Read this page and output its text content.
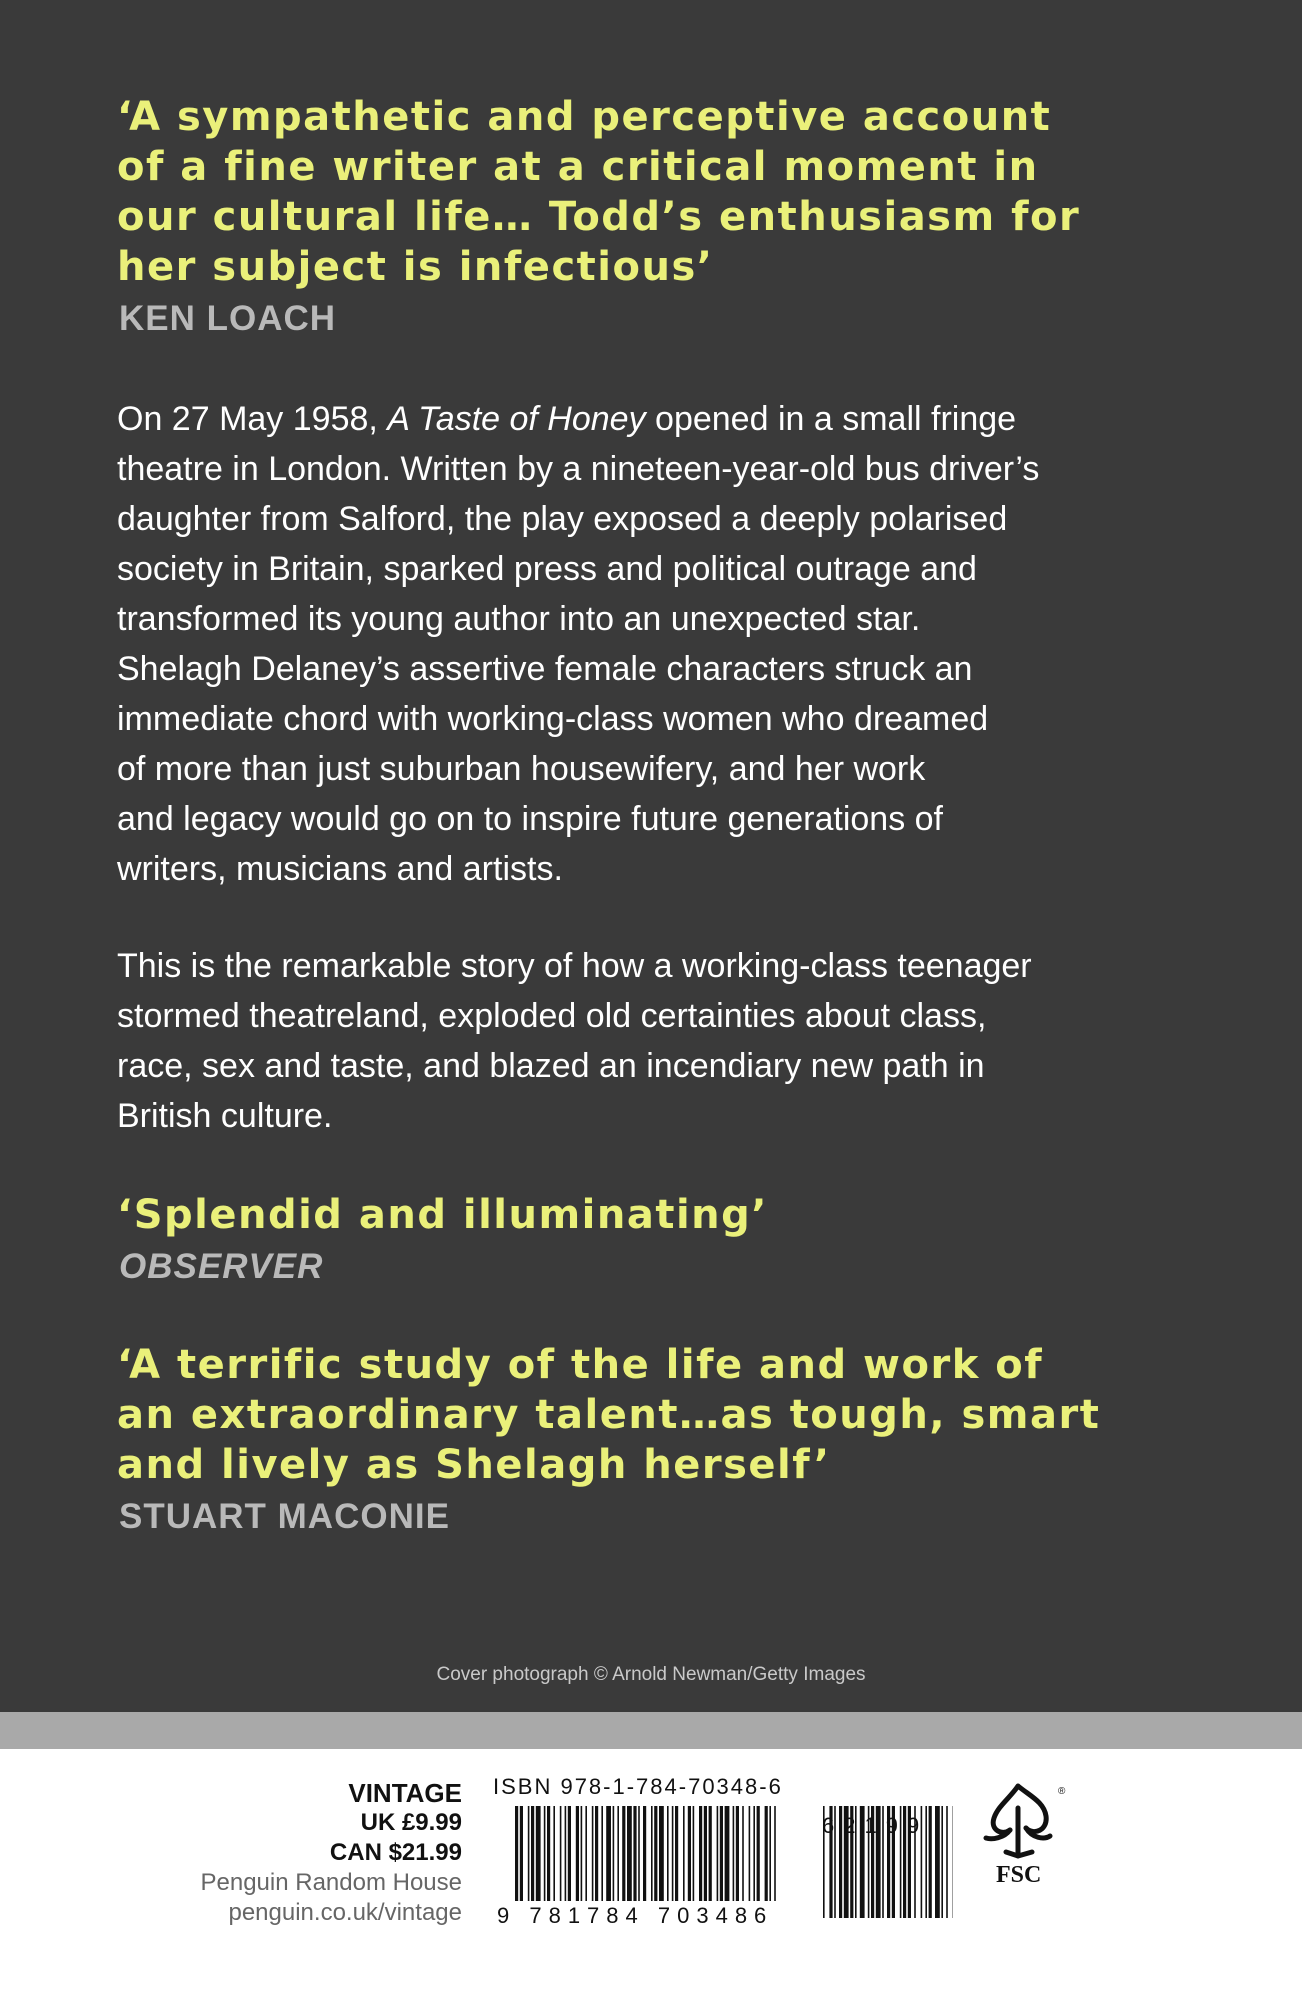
‘A sympathetic and perceptive account
of a fine writer at a critical moment in
our cultural life… Todd’s enthusiasm for
her subject is infectious’
KEN LOACH
On 27 May 1958, A Taste of Honey opened in a small fringe
theatre in London. Written by a nineteen-year-old bus driver’s
daughter from Salford, the play exposed a deeply polarised
society in Britain, sparked press and political outrage and
transformed its young author into an unexpected star.
Shelagh Delaney’s assertive female characters struck an
immediate chord with working-class women who dreamed
of more than just suburban housewifery, and her work
and legacy would go on to inspire future generations of
writers, musicians and artists.
This is the remarkable story of how a working-class teenager
stormed theatreland, exploded old certainties about class,
race, sex and taste, and blazed an incendiary new path in
British culture.
‘Splendid and illuminating’
OBSERVER
‘A terrific study of the life and work of
an extraordinary talent…as tough, smart
and lively as Shelagh herself’
STUART MACONIE
Cover photograph © Arnold Newman/Getty Images
VINTAGE
UK £9.99
CAN $21.99
Penguin Random House
penguin.co.uk/vintage
ISBN 978-1-784-70348-6
9 781784 703486
62199
®
FSC
